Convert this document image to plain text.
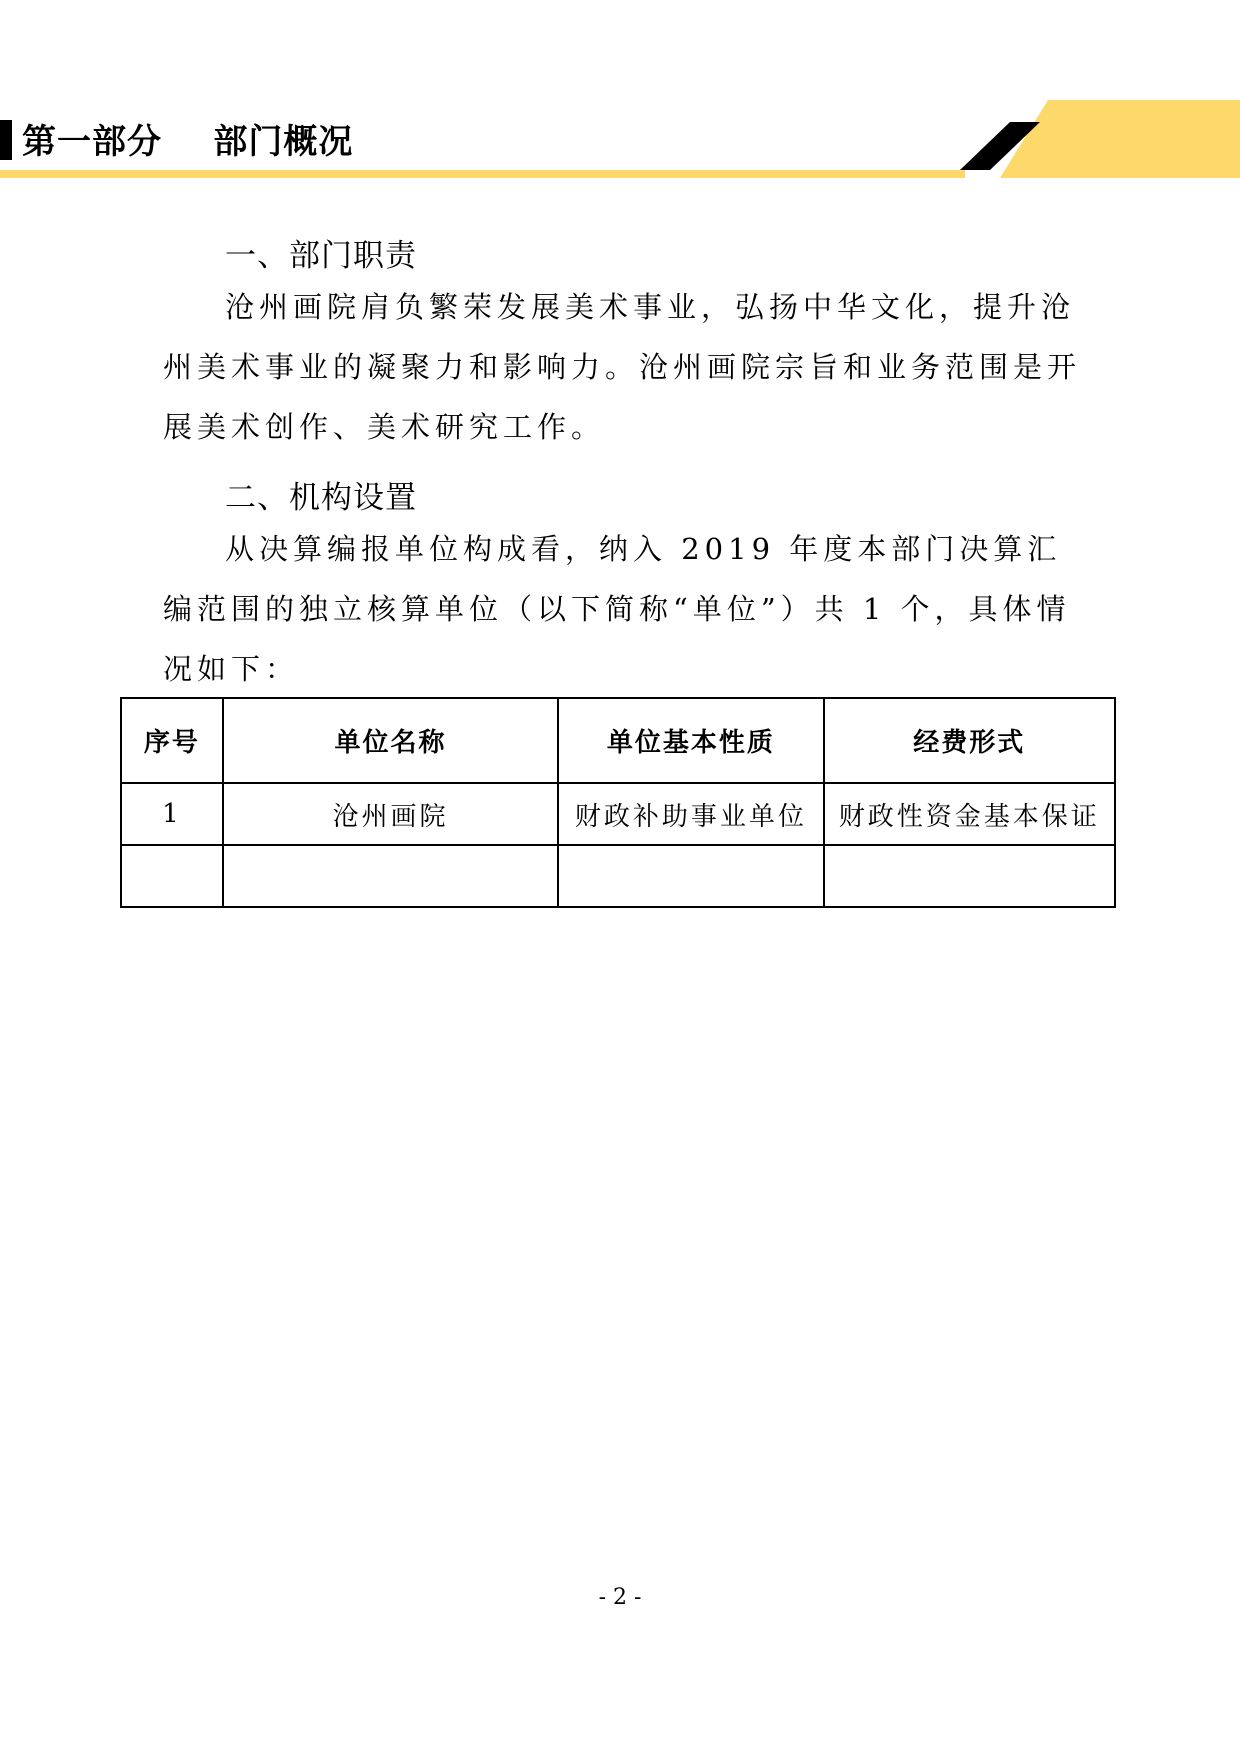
第一部分    部门概况
一、部门职责
沧州画院肩负繁荣发展美术事业，弘扬中华文化，提升沧州美术事业的凝聚力和影响力。沧州画院宗旨和业务范围是开展美术创作、美术研究工作。
二、机构设置
从决算编报单位构成看，纳入 2019 年度本部门决算汇编范围的独立核算单位（以下简称“单位”）共 1 个，具体情况如下：
序号	单位名称	单位基本性质	经费形式
1	沧州画院	财政补助事业单位	财政性资金基本保证

- 2 -
